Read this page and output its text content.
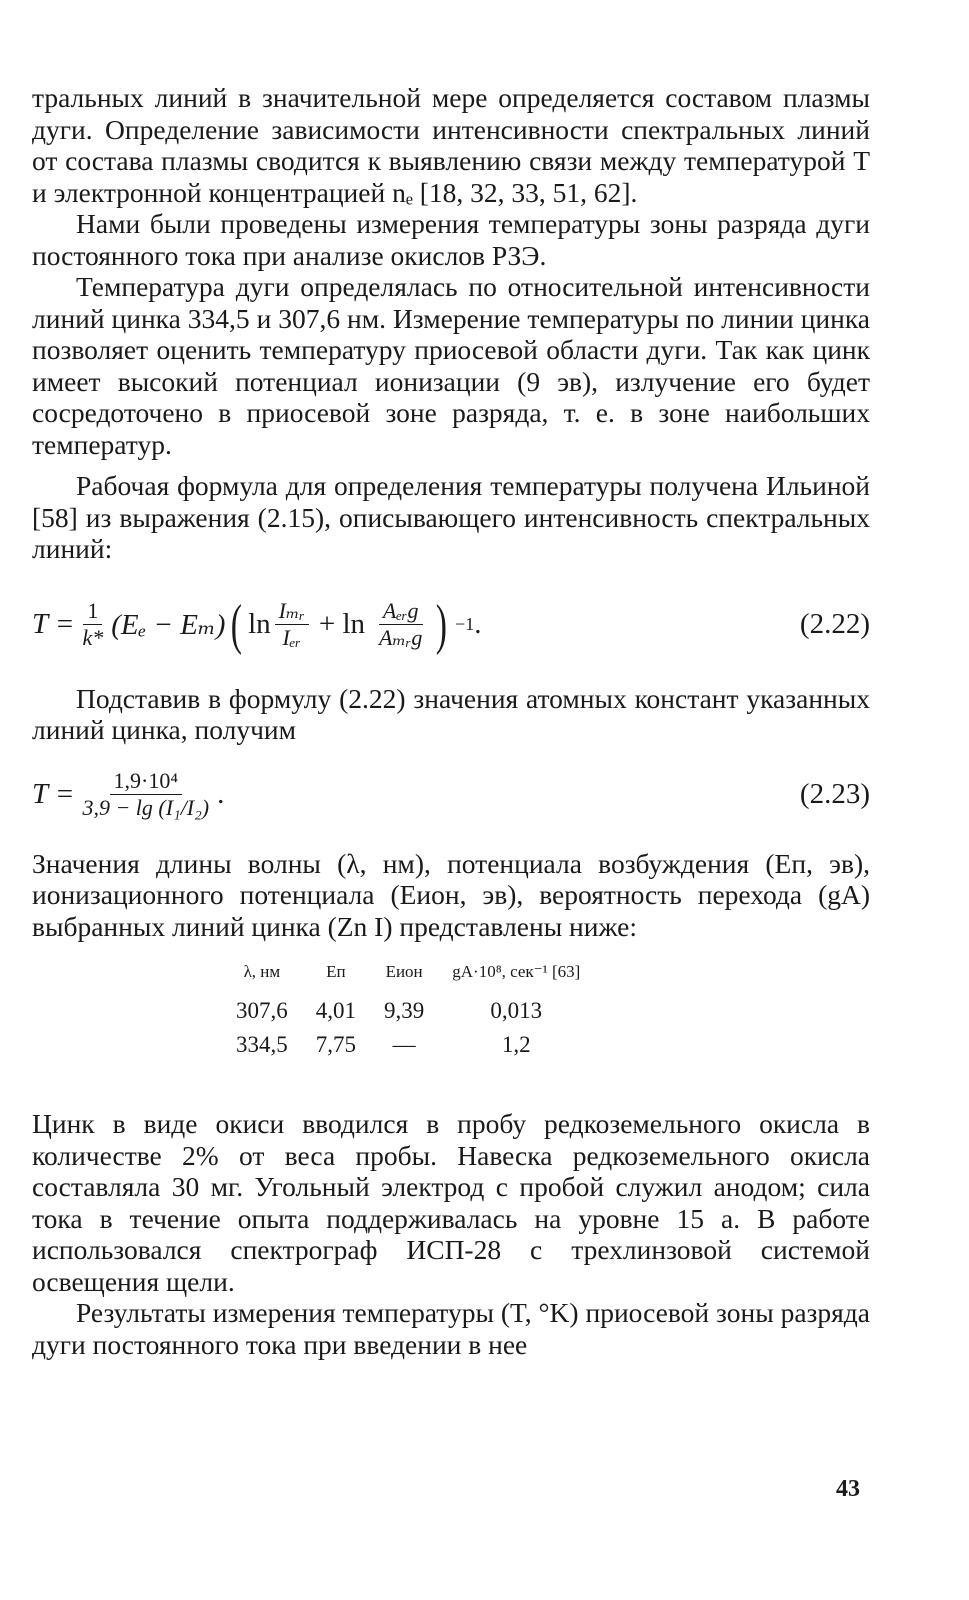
тральных линий в значительной мере определяется составом плазмы дуги. Определение зависимости интенсивности спектральных линий от состава плазмы сводится к выявлению связи между температурой T и электронной концентрацией nₑ [18, 32, 33, 51, 62].

Нами были проведены измерения температуры зоны разряда дуги постоянного тока при анализе окислов РЗЭ.

Температура дуги определялась по относительной интенсивности линий цинка 334,5 и 307,6 нм. Измерение температуры по линии цинка позволяет оценить температуру приосевой области дуги. Так как цинк имеет высокий потенциал ионизации (9 эв), излучение его будет сосредоточено в приосевой зоне разряда, т. е. в зоне наибольших температур.

Рабочая формула для определения температуры получена Ильиной [58] из выражения (2.15), описывающего интенсивность спектральных линий:

$T = \frac{1}{k*} (E_e - E_m)$ ( $\ln \frac{\text{Iₘᵣ}}{\text{Iₑᵣ}} + \ln \frac{\text{Aₑᵣg}}{\text{Aₘᵣg}}$ ) −1 .	(2.22)

Подставив в формулу (2.22) значения атомных констант указанных линий цинка, получим

$T = \frac{\text{1,9·10⁴}}{\text{3,9 − lg (I₁/I₂)}}$ .	(2.23)

Значения длины волны (λ, нм), потенциала возбуждения (Eп, эв), ионизационного потенциала (Eион, эв), вероятность перехода (gA) выбранных линий цинка (Zn I) представлены ниже:

λ, нм	Eп	Eион	gA·10⁸, сек⁻¹ [63]
307,6	4,01	9,39	0,013
334,5	7,75	—	1,2

Цинк в виде окиси вводился в пробу редкоземельного окисла в количестве 2% от веса пробы. Навеска редкоземельного окисла составляла 30 мг. Угольный электрод с пробой служил анодом; сила тока в течение опыта поддерживалась на уровне 15 а. В работе использовался спектрограф ИСП-28 с трехлинзовой системой освещения щели.

Результаты измерения температуры (T, °K) приосевой зоны разряда дуги постоянного тока при введении в нее

43
